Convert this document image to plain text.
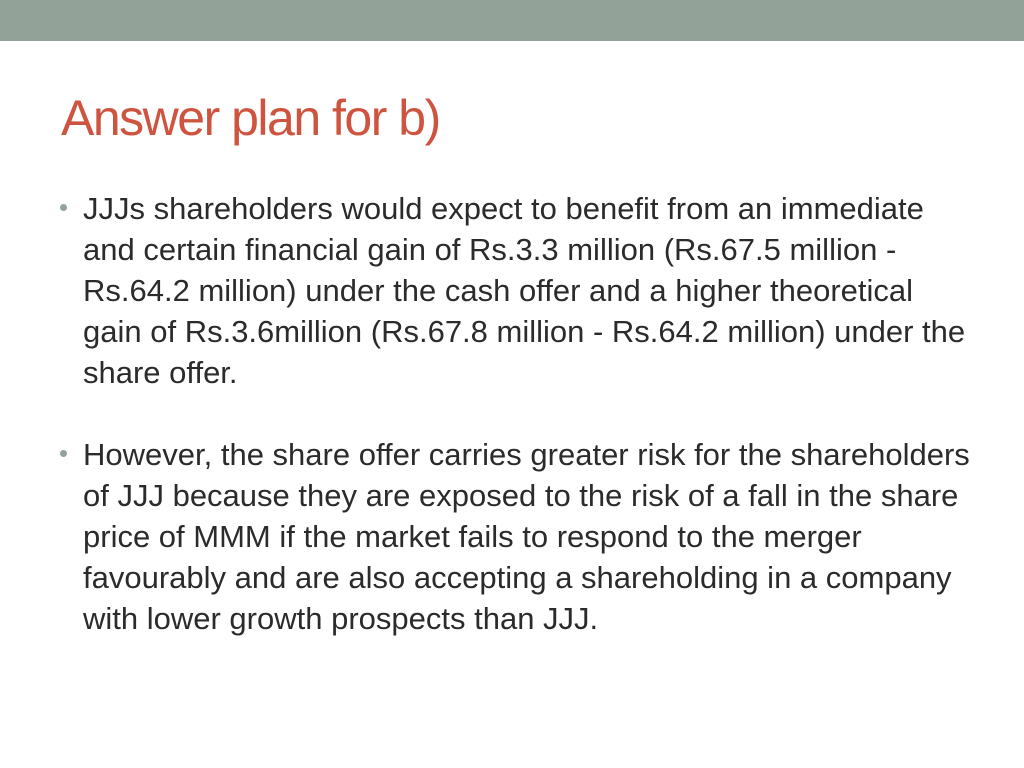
Answer plan for b)
JJJs shareholders would expect to benefit from an immediate and certain financial gain of Rs.3.3 million (Rs.67.5 million - Rs.64.2 million) under the cash offer and a higher theoretical gain of Rs.3.6million (Rs.67.8 million - Rs.64.2 million) under the share offer.
However, the share offer carries greater risk for the shareholders of JJJ because they are exposed to the risk of a fall in the share price of MMM if the market fails to respond to the merger favourably and are also accepting a shareholding in a company with lower growth prospects than JJJ.
